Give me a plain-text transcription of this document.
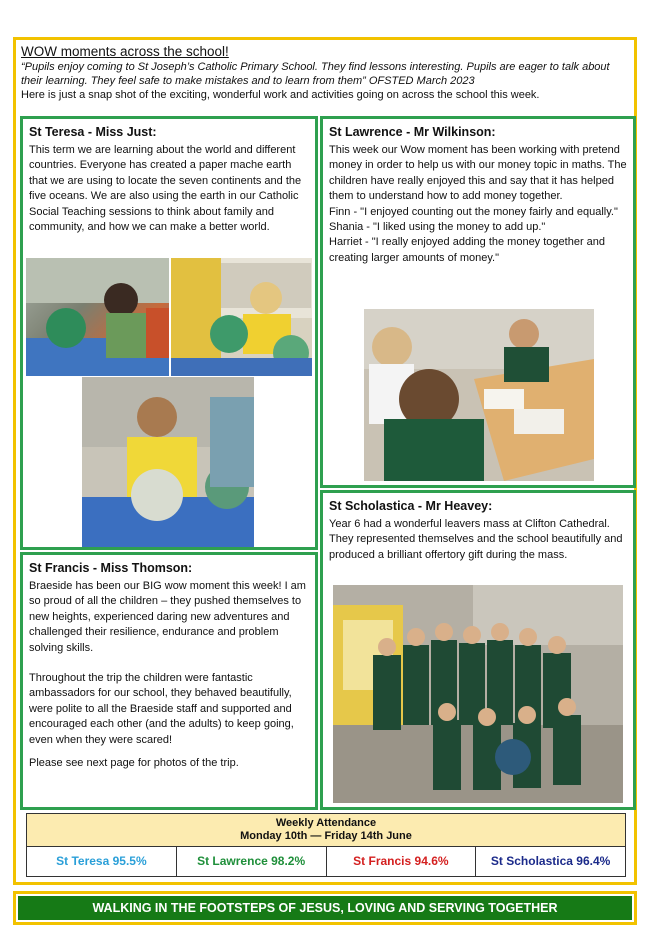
WOW moments across the school!
“Pupils enjoy coming to St Joseph’s Catholic Primary School. They find lessons interesting. Pupils are eager to talk about their learning. They feel safe to make mistakes and to learn from them” OFSTED March 2023
Here is just a snap shot of the exciting, wonderful work and activities going on across the school this week.
St Teresa - Miss Just:

This term we are learning about the world and different countries. Everyone has created a paper mache earth that we are using to locate the seven continents and the five oceans. We are also using the earth in our Catholic Social Teaching sessions to think about family and community, and how we can make a better world.

St Lawrence - Mr Wilkinson:

This week our Wow moment has been working with pretend money in order to help us with our money topic in maths. The children have really enjoyed this and say that it has helped them to understand how to add money together.

Finn - "I enjoyed counting out the money fairly and equally."

Shania - "I liked using the money to add up."

Harriet - "I really enjoyed adding the money together and creating larger amounts of money."

St Scholastica - Mr Heavey:

Year 6 had a wonderful leavers mass at Clifton Cathedral. They represented themselves and the school beautifully and produced a brilliant offertory gift during the mass.

St Francis - Miss Thomson:

Braeside has been our BIG wow moment this week! I am so proud of all the children – they pushed themselves to new heights, experienced daring new adventures and challenged their resilience, endurance and problem solving skills.

Throughout the trip the children were fantastic ambassadors for our school, they behaved beautifully, were polite to all the Braeside staff and supported and encouraged each other (and the adults) to keep going, even when they were scared!

Please see next page for photos of the trip.

Weekly Attendance
Monday 10th — Friday 14th June
St Teresa 95.5%	St Lawrence 98.2%	St Francis 94.6%	St Scholastica 96.4%
WALKING IN THE FOOTSTEPS OF JESUS, LOVING AND SERVING TOGETHER
